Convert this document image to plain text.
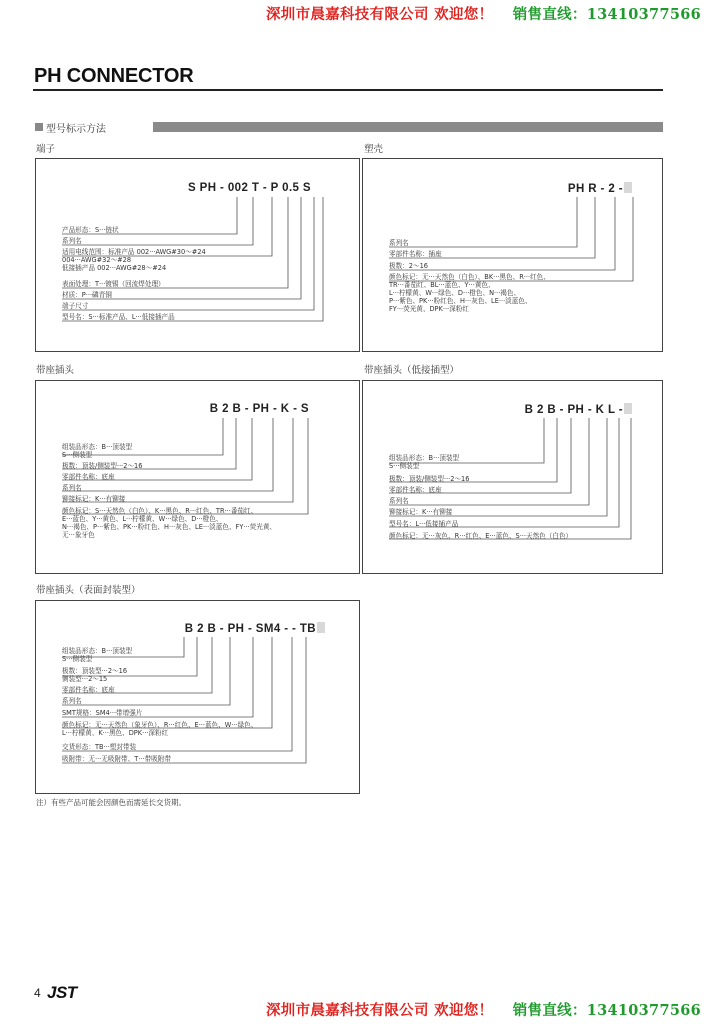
深圳市晨嘉科技有限公司 欢迎您！ 销售直线：13410377566
PH CONNECTOR
型号标示方法
端子
S PH - 002 T - P 0.5 S
产品形态：S···链状
系列名
适用电线范围：标准产品 002···AWG#30～#24
004···AWG#32～#28
低接插产品 002···AWG#28～#24
表面处理：T···镀锡（回流焊处理）
材质：P···磷青铜
端子尺寸
型号名：S···标准产品、L···低接插产品
塑壳
PH R - 2 -
系列名
零部件名称：插座
极数：2～16
颜色标记：无···天然色（白色）、BK···黑色、R···红色、
TR···番茄红、BL···蓝色、Y···黄色、
L···柠檬黄、W···绿色、D···橙色、N···褐色、
P···紫色、PK···粉红色、H···灰色、LE···淡蓝色、
FY···荧光黄、DPK···深粉红
带座插头
B 2 B - PH - K - S
组装品形态：B···顶装型
S···侧装型
极数：顶装/侧装型···2～16
零部件名称：底座
系列名
铆接标记：K···有铆接
颜色标记：S···天然色（白色）、K···黑色、R···红色、TR···番茄红、
E···蓝色、Y···黄色、L···柠檬黄、W···绿色、D···橙色、
N···褐色、P···紫色、PK···粉红色、H···灰色、LE···淡蓝色、FY···荧光黄、
无···象牙色
带座插头（低接插型）
B 2 B - PH - K L -
组装品形态：B···顶装型
S···侧装型
极数：顶装/侧装型···2～16
零部件名称：底座
系列名
铆接标记：K···有铆接
型号名：L···低接插产品
颜色标记：无···灰色、R···红色、E···蓝色、S···天然色（白色）
带座插头（表面封装型）
B 2 B - PH - SM4 - - TB
组装品形态：B···顶装型
S···侧装型
极数：顶装型···2～16
侧装型···2～15
零部件名称：底座
系列名
SMT规格：SM4···带增强片
颜色标记：无···天然色（象牙色）、R···红色、E···蓝色、W···绿色、
L···柠檬黄、K···黑色、DPK···深粉红
交货形态：TB···塑封带装
吸附带：无···无吸附带、T···带吸附带
注）有些产品可能会因颜色而需延长交货期。
4 JST
深圳市晨嘉科技有限公司 欢迎您！ 销售直线：13410377566
